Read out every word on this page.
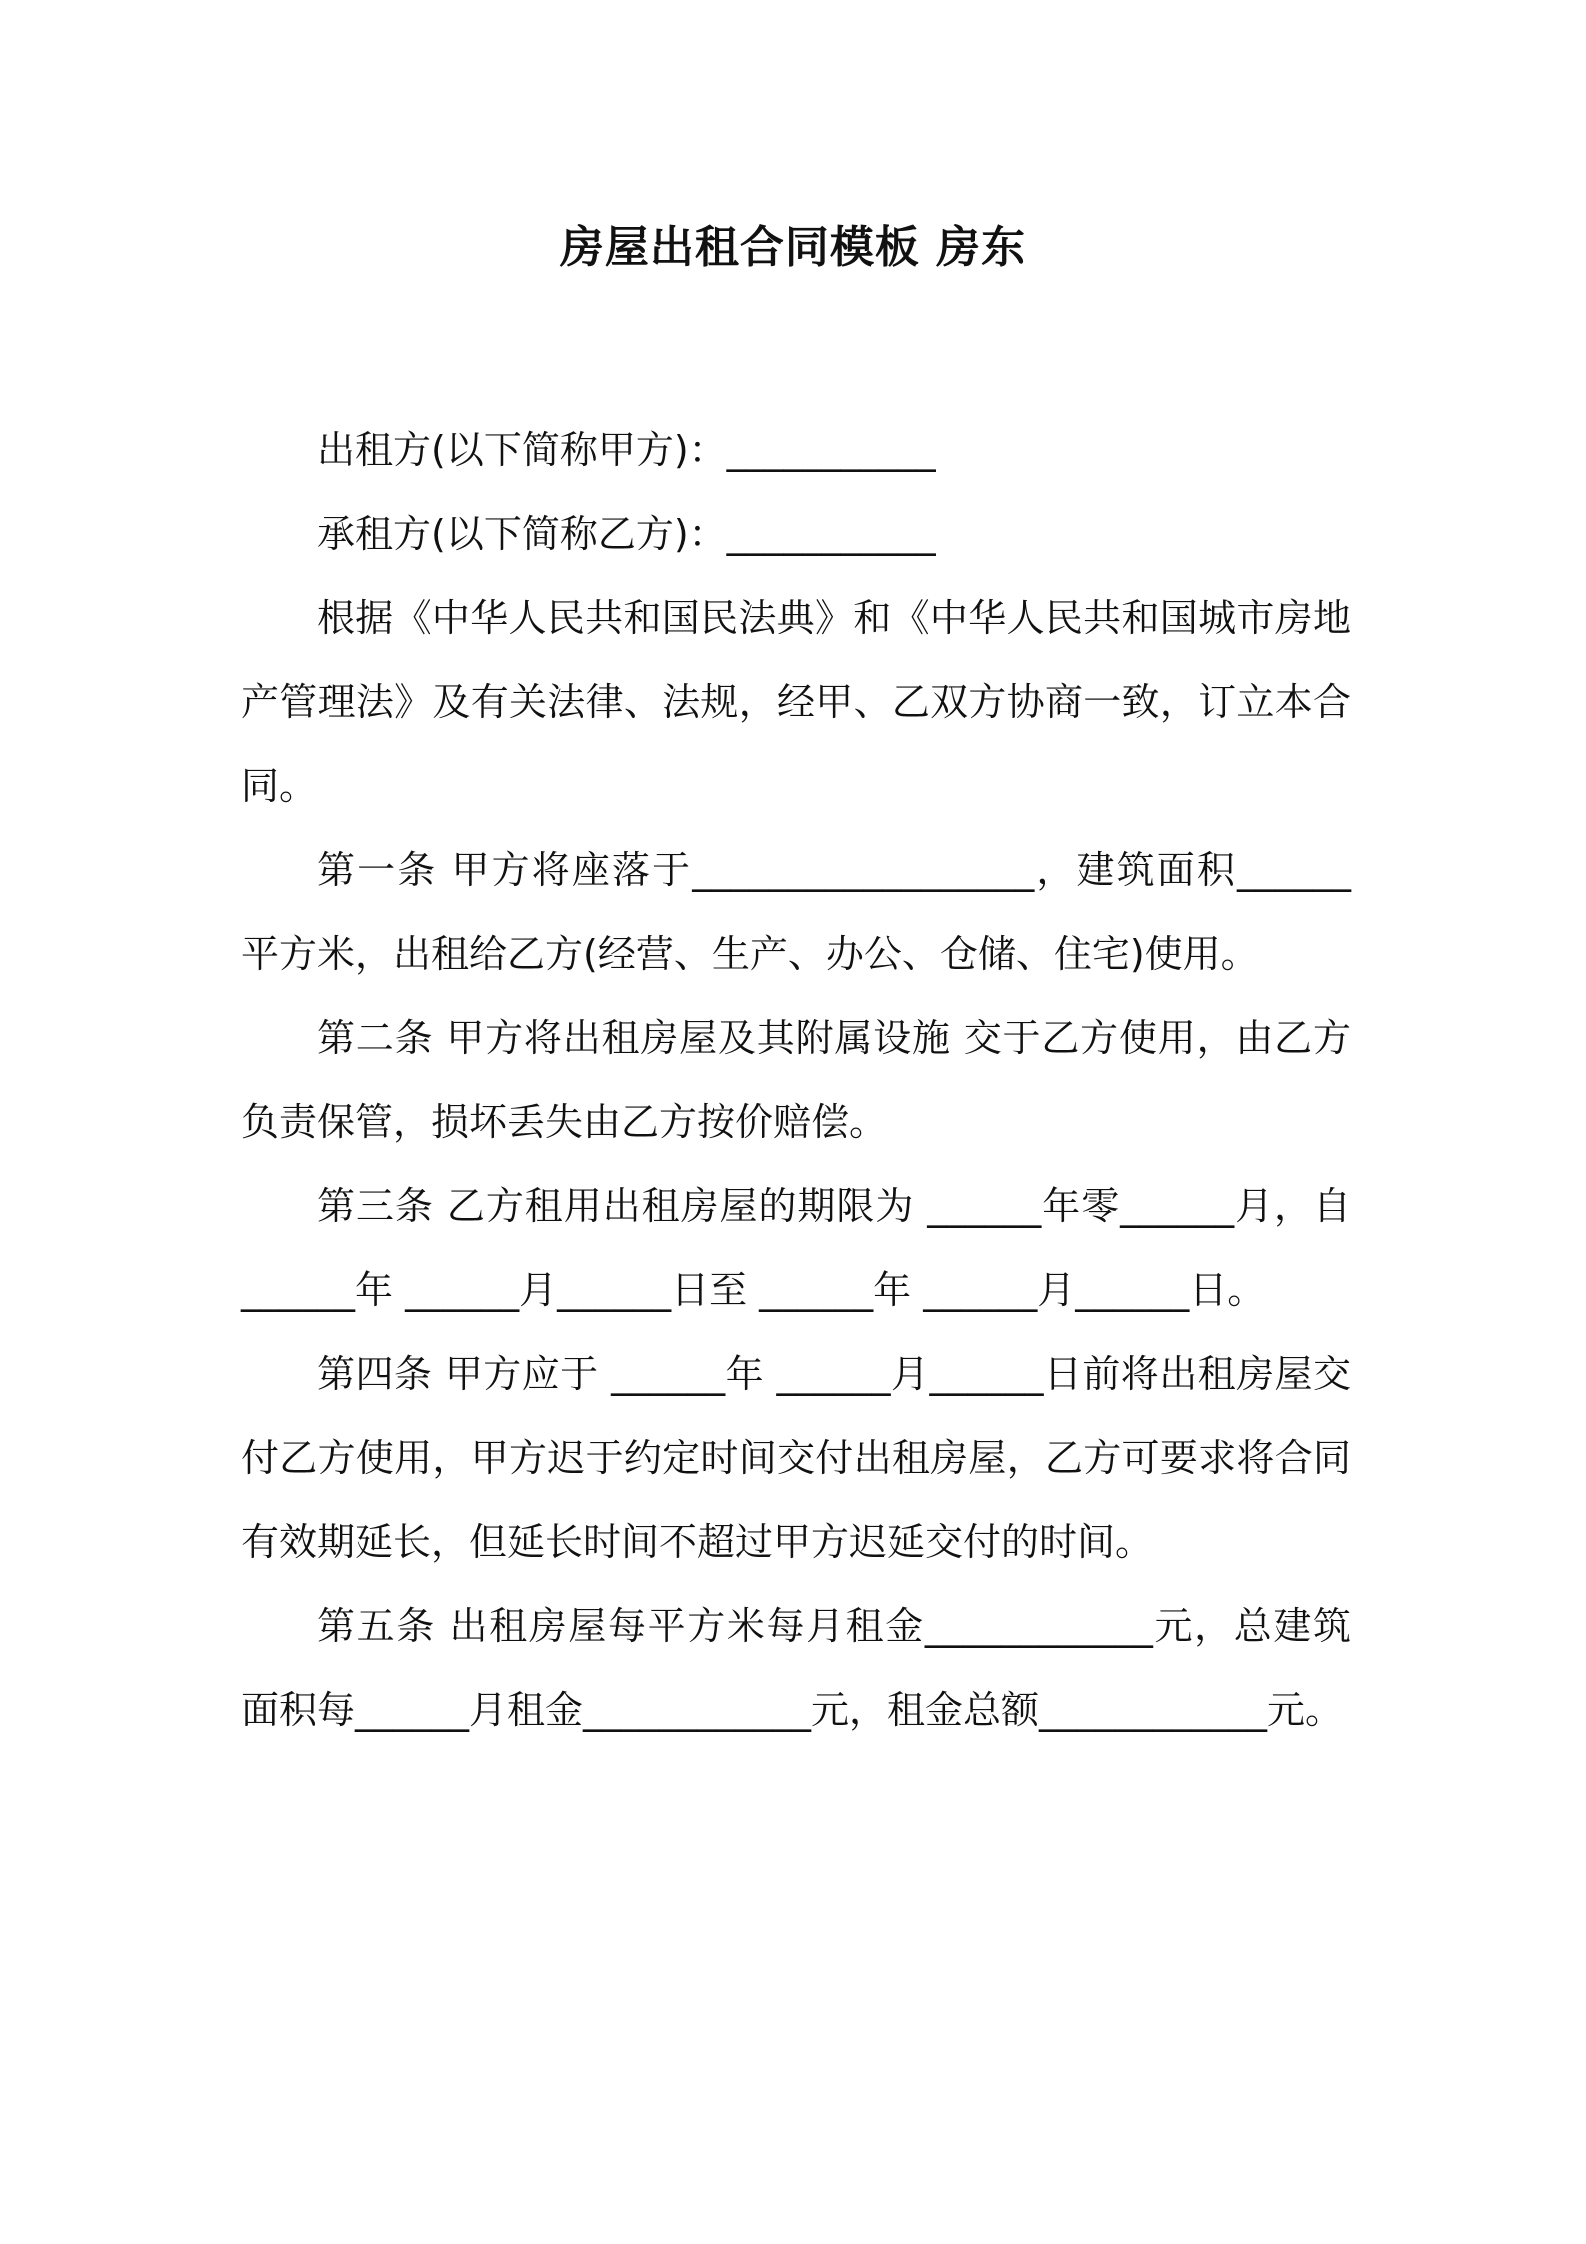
房屋出租合同模板 房东

出租方(以下简称甲方)：___________

承租方(以下简称乙方)：___________

根据《中华人民共和国民法典》和《中华人民共和国城市房地产管理法》及有关法律、法规，经甲、乙双方协商一致，订立本合同。

第一条 甲方将座落于__________________，建筑面积______平方米，出租给乙方(经营、生产、办公、仓储、住宅)使用。

第二条 甲方将出租房屋及其附属设施 交于乙方使用，由乙方负责保管，损坏丢失由乙方按价赔偿。

第三条 乙方租用出租房屋的期限为 ______年零______月，自 ______年 ______月______日至 ______年 ______月______日。

第四条 甲方应于 ______年 ______月______日前将出租房屋交付乙方使用，甲方迟于约定时间交付出租房屋，乙方可要求将合同有效期延长，但延长时间不超过甲方迟延交付的时间。

第五条 出租房屋每平方米每月租金____________元，总建筑面积每______月租金____________元，租金总额____________元。
